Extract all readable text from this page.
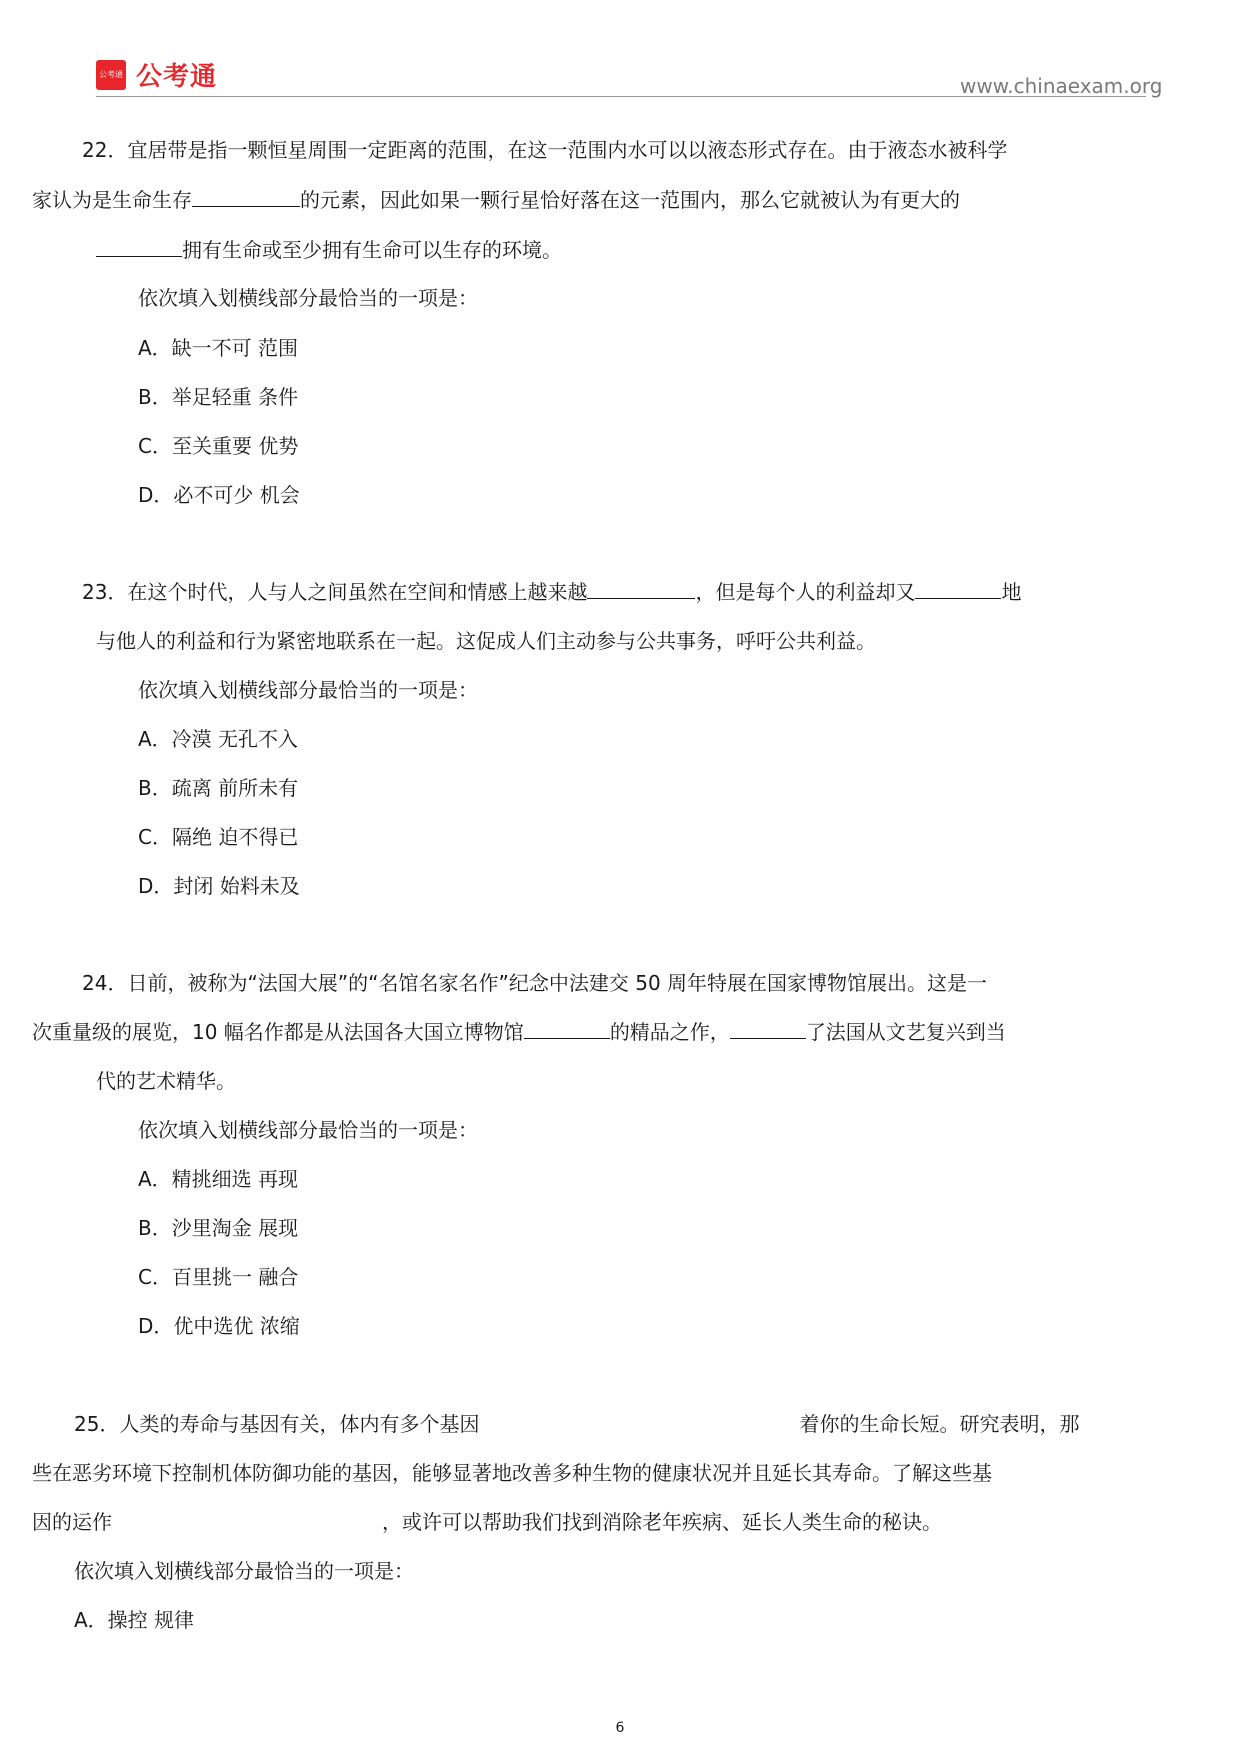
公考通 公考通	www.chinaexam.org
22．宜居带是指一颗恒星周围一定距离的范围，在这一范围内水可以以液态形式存在。由于液态水被科学
家认为是生命生存	的元素，因此如果一颗行星恰好落在这一范围内，那么它就被认为有更大的
拥有生命或至少拥有生命可以生存的环境。
依次填入划横线部分最恰当的一项是：
A．缺一不可 范围
B．举足轻重 条件
C．至关重要 优势
D．必不可少 机会
23．在这个时代，人与人之间虽然在空间和情感上越来越	，但是每个人的利益却又	地
与他人的利益和行为紧密地联系在一起。这促成人们主动参与公共事务，呼吁公共利益。
依次填入划横线部分最恰当的一项是：
A．冷漠 无孔不入
B．疏离 前所未有
C．隔绝 迫不得已
D．封闭 始料未及
24．日前，被称为“法国大展”的“名馆名家名作”纪念中法建交 50 周年特展在国家博物馆展出。这是一
次重量级的展览，10 幅名作都是从法国各大国立博物馆	的精品之作，	了法国从文艺复兴到当
代的艺术精华。
依次填入划横线部分最恰当的一项是：
A．精挑细选 再现
B．沙里淘金 展现
C．百里挑一 融合
D．优中选优 浓缩
25．人类的寿命与基因有关，体内有多个基因	着你的生命长短。研究表明，那
些在恶劣环境下控制机体防御功能的基因，能够显著地改善多种生物的健康状况并且延长其寿命。了解这些基
因的运作	，或许可以帮助我们找到消除老年疾病、延长人类生命的秘诀。
依次填入划横线部分最恰当的一项是：
A．操控 规律
6
